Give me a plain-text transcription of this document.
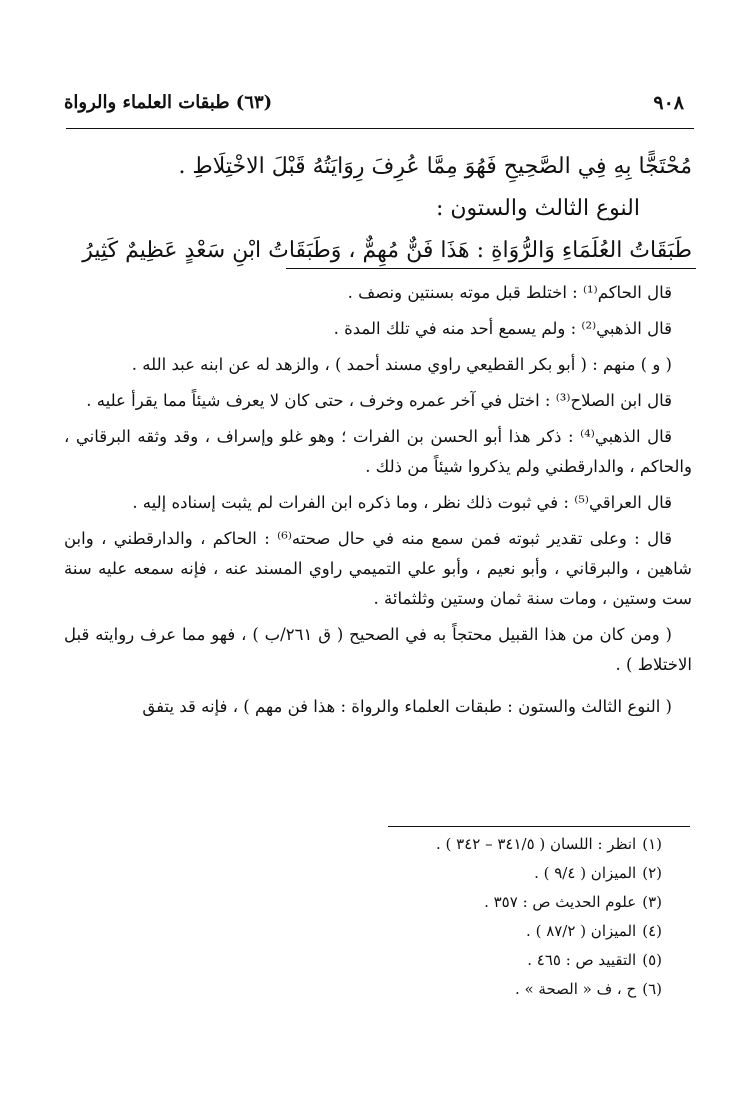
٩٠٨
(٦٣) طبقات العلماء والرواة

مُحْتَجًّا بِهِ فِي الصَّحِيحِ فَهُوَ مِمَّا عُرِفَ رِوَايَتُهُ قَبْلَ الاخْتِلَاطِ .

النوع الثالث والستون :

طَبَقَاتُ العُلَمَاءِ وَالرُّوَاةِ : هَذَا فَنٌّ مُهِمٌّ ، وَطَبَقَاتُ ابْنِ سَعْدٍ عَظِيمٌ كَثِيرُ

قال الحاكم⁽¹⁾ : اختلط قبل موته بسنتين ونصف .

قال الذهبي⁽²⁾ : ولم يسمع أحد منه في تلك المدة .

( و ) منهم : ( أبو بكر القطيعي راوي مسند أحمد ) ، والزهد له عن ابنه عبد الله .

قال ابن الصلاح⁽³⁾ : اختل في آخر عمره وخرف ، حتى كان لا يعرف شيئاً مما يقرأ عليه .

قال الذهبي⁽⁴⁾ : ذكر هذا أبو الحسن بن الفرات ؛ وهو غلو وإسراف ، وقد وثقه البرقاني ، والحاكم ، والدارقطني ولم يذكروا شيئاً من ذلك .

قال العراقي⁽⁵⁾ : في ثبوت ذلك نظر ، وما ذكره ابن الفرات لم يثبت إسناده إليه .

قال : وعلى تقدير ثبوته فمن سمع منه في حال صحته⁽⁶⁾ : الحاكم ، والدارقطني ، وابن شاهين ، والبرقاني ، وأبو نعيم ، وأبو علي التميمي راوي المسند عنه ، فإنه سمعه عليه سنة ست وستين ، ومات سنة ثمان وستين وثلثمائة .

( ومن كان من هذا القبيل محتجاً به في الصحيح ( ق ٢٦١/ب ) ، فهو مما عرف روايته قبل الاختلاط ) .

( النوع الثالث والستون : طبقات العلماء والرواة : هذا فن مهم ) ، فإنه قد يتفق

(١)انظر : اللسان ( ٣٤١/٥ – ٣٤٢ ) .
(٢)الميزان ( ٩/٤ ) .
(٣)علوم الحديث ص : ٣٥٧ .
(٤)الميزان ( ٨٧/٢ ) .
(٥)التقييد ص : ٤٦٥ .
(٦)ح ، ف « الصحة » .
